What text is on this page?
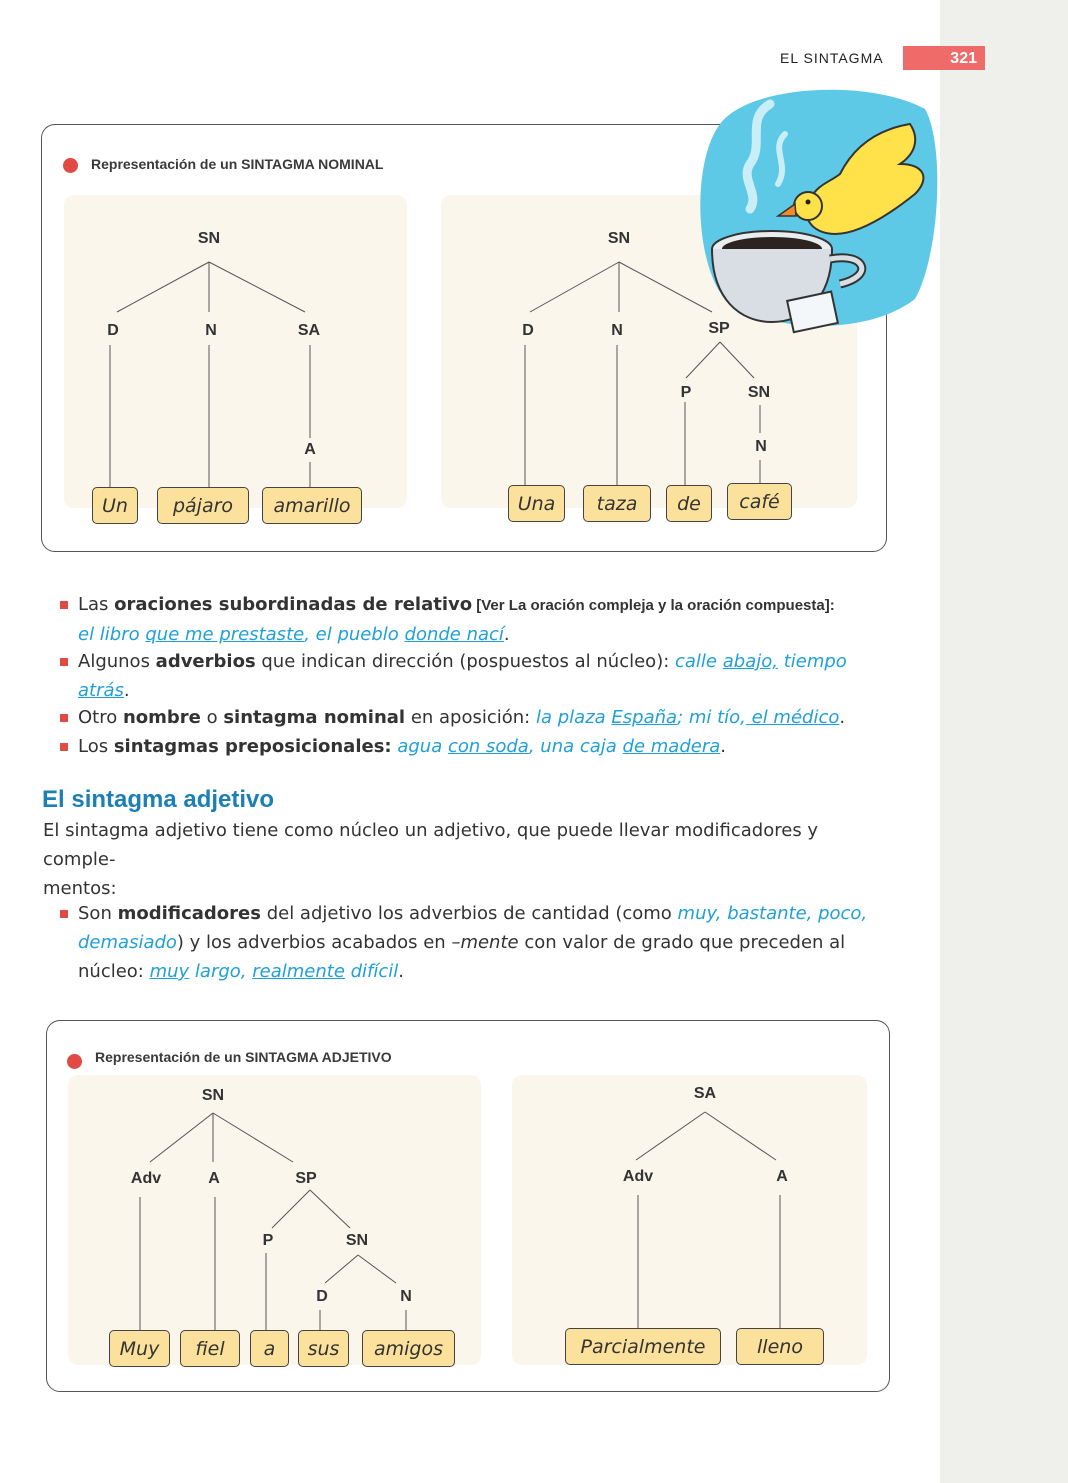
EL SINTAGMA	321
Representación de un SINTAGMA NOMINAL
SN
D	N	SA
A
Un	pájaro	amarillo
SN
D	N	SP
P	SN
N
Una	taza	de	café
Las oraciones subordinadas de relativo [Ver La oración compleja y la oración compuesta]:
el libro que me prestaste, el pueblo donde nací.
Algunos adverbios que indican dirección (pospuestos al núcleo): calle abajo, tiempo
atrás.
Otro nombre o sintagma nominal en aposición: la plaza España; mi tío, el médico.
Los sintagmas preposicionales: agua con soda, una caja de madera.
El sintagma adjetivo
El sintagma adjetivo tiene como núcleo un adjetivo, que puede llevar modificadores y comple-
mentos:
Son modificadores del adjetivo los adverbios de cantidad (como muy, bastante, poco,
demasiado) y los adverbios acabados en –mente con valor de grado que preceden al
núcleo: muy largo, realmente difícil.
Representación de un SINTAGMA ADJETIVO
SN
Adv	A	SP
P	SN
D	N
Muy	fiel	a	sus	amigos
SA
Adv	A
Parcialmente	lleno
